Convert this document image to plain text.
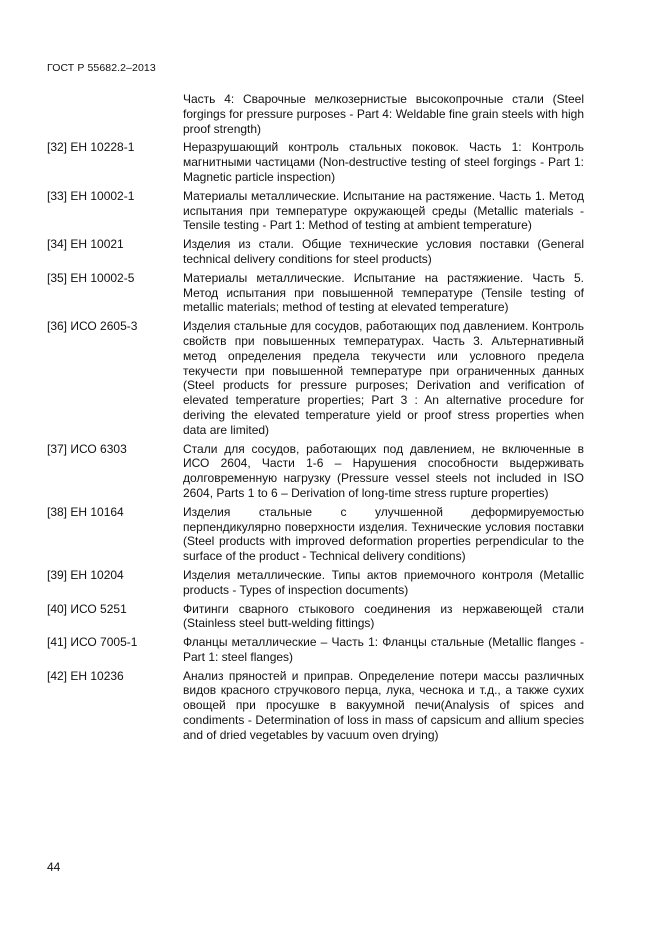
ГОСТ Р 55682.2–2013
Часть 4: Сварочные мелкозернистые высокопрочные стали (Steel forgings for pressure purposes - Part 4: Weldable fine grain steels with high proof strength)
[32] ЕН 10228-1	Неразрушающий контроль стальных поковок. Часть 1: Контроль магнитными частицами (Non-destructive testing of steel forgings - Part 1: Magnetic particle inspection)
[33] ЕН 10002-1	Материалы металлические. Испытание на растяжение. Часть 1. Метод испытания при температуре окружающей среды (Metallic materials - Tensile testing - Part 1: Method of testing at ambient temperature)
[34] ЕН 10021	Изделия из стали. Общие технические условия поставки (General technical delivery conditions for steel products)
[35] ЕН 10002-5	Материалы металлические. Испытание на растяжиение. Часть 5. Метод испытания при повышенной температуре (Tensile testing of metallic materials; method of testing at elevated temperature)
[36] ИСО 2605-3	Изделия стальные для сосудов, работающих под давлением. Контроль свойств при повышенных температурах. Часть 3. Альтернативный метод определения предела текучести или условного предела текучести при повышенной температуре при ограниченных данных (Steel products for pressure purposes; Derivation and verification of elevated temperature properties; Part 3 : An alternative procedure for deriving the elevated temperature yield or proof stress properties when data are limited)
[37] ИСО 6303	Стали для сосудов, работающих под давлением, не включенные в ИСО 2604, Части 1-6 – Нарушения способности выдерживать долговременную нагрузку (Pressure vessel steels not included in ISO 2604, Parts 1 to 6 – Derivation of long-time stress rupture properties)
[38] ЕН 10164	Изделия стальные с улучшенной деформируемостью перпендикулярно поверхности изделия. Технические условия поставки (Steel products with improved deformation properties perpendicular to the surface of the product - Technical delivery conditions)
[39] ЕН 10204	Изделия металлические. Типы актов приемочного контроля (Metallic products - Types of inspection documents)
[40] ИСО 5251	Фитинги сварного стыкового соединения из нержавеющей стали (Stainless steel butt-welding fittings)
[41] ИСО 7005-1	Фланцы металлические – Часть 1: Фланцы стальные (Metallic flanges - Part 1: steel flanges)
[42] ЕН 10236	Анализ пряностей и приправ. Определение потери массы различных видов красного стручкового перца, лука, чеснока и т.д., а также сухих овощей при просушке в вакуумной печи(Analysis of spices and condiments - Determination of loss in mass of capsicum and allium species and of dried vegetables by vacuum oven drying)
44
